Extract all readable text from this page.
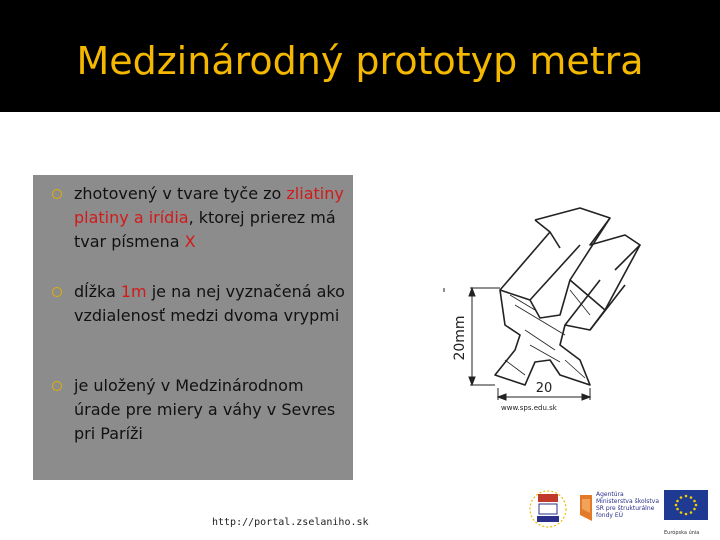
Medzinárodný prototyp metra
zhotovený v tvare tyče zo zliatiny platiny a irídia, ktorej prierez má tvar písmena X
dĺžka 1m je na nej vyznačená ako vzdialenosť medzi dvoma vrypmi
je uložený v Medzinárodnom úrade pre miery a váhy v Sevres pri Paríži
20mm
20
www.sps.edu.sk
http://portal.zselaniho.sk
Agentúra Ministerstva školstva SR pre štrukturálne fondy EÚ
Európska únia
